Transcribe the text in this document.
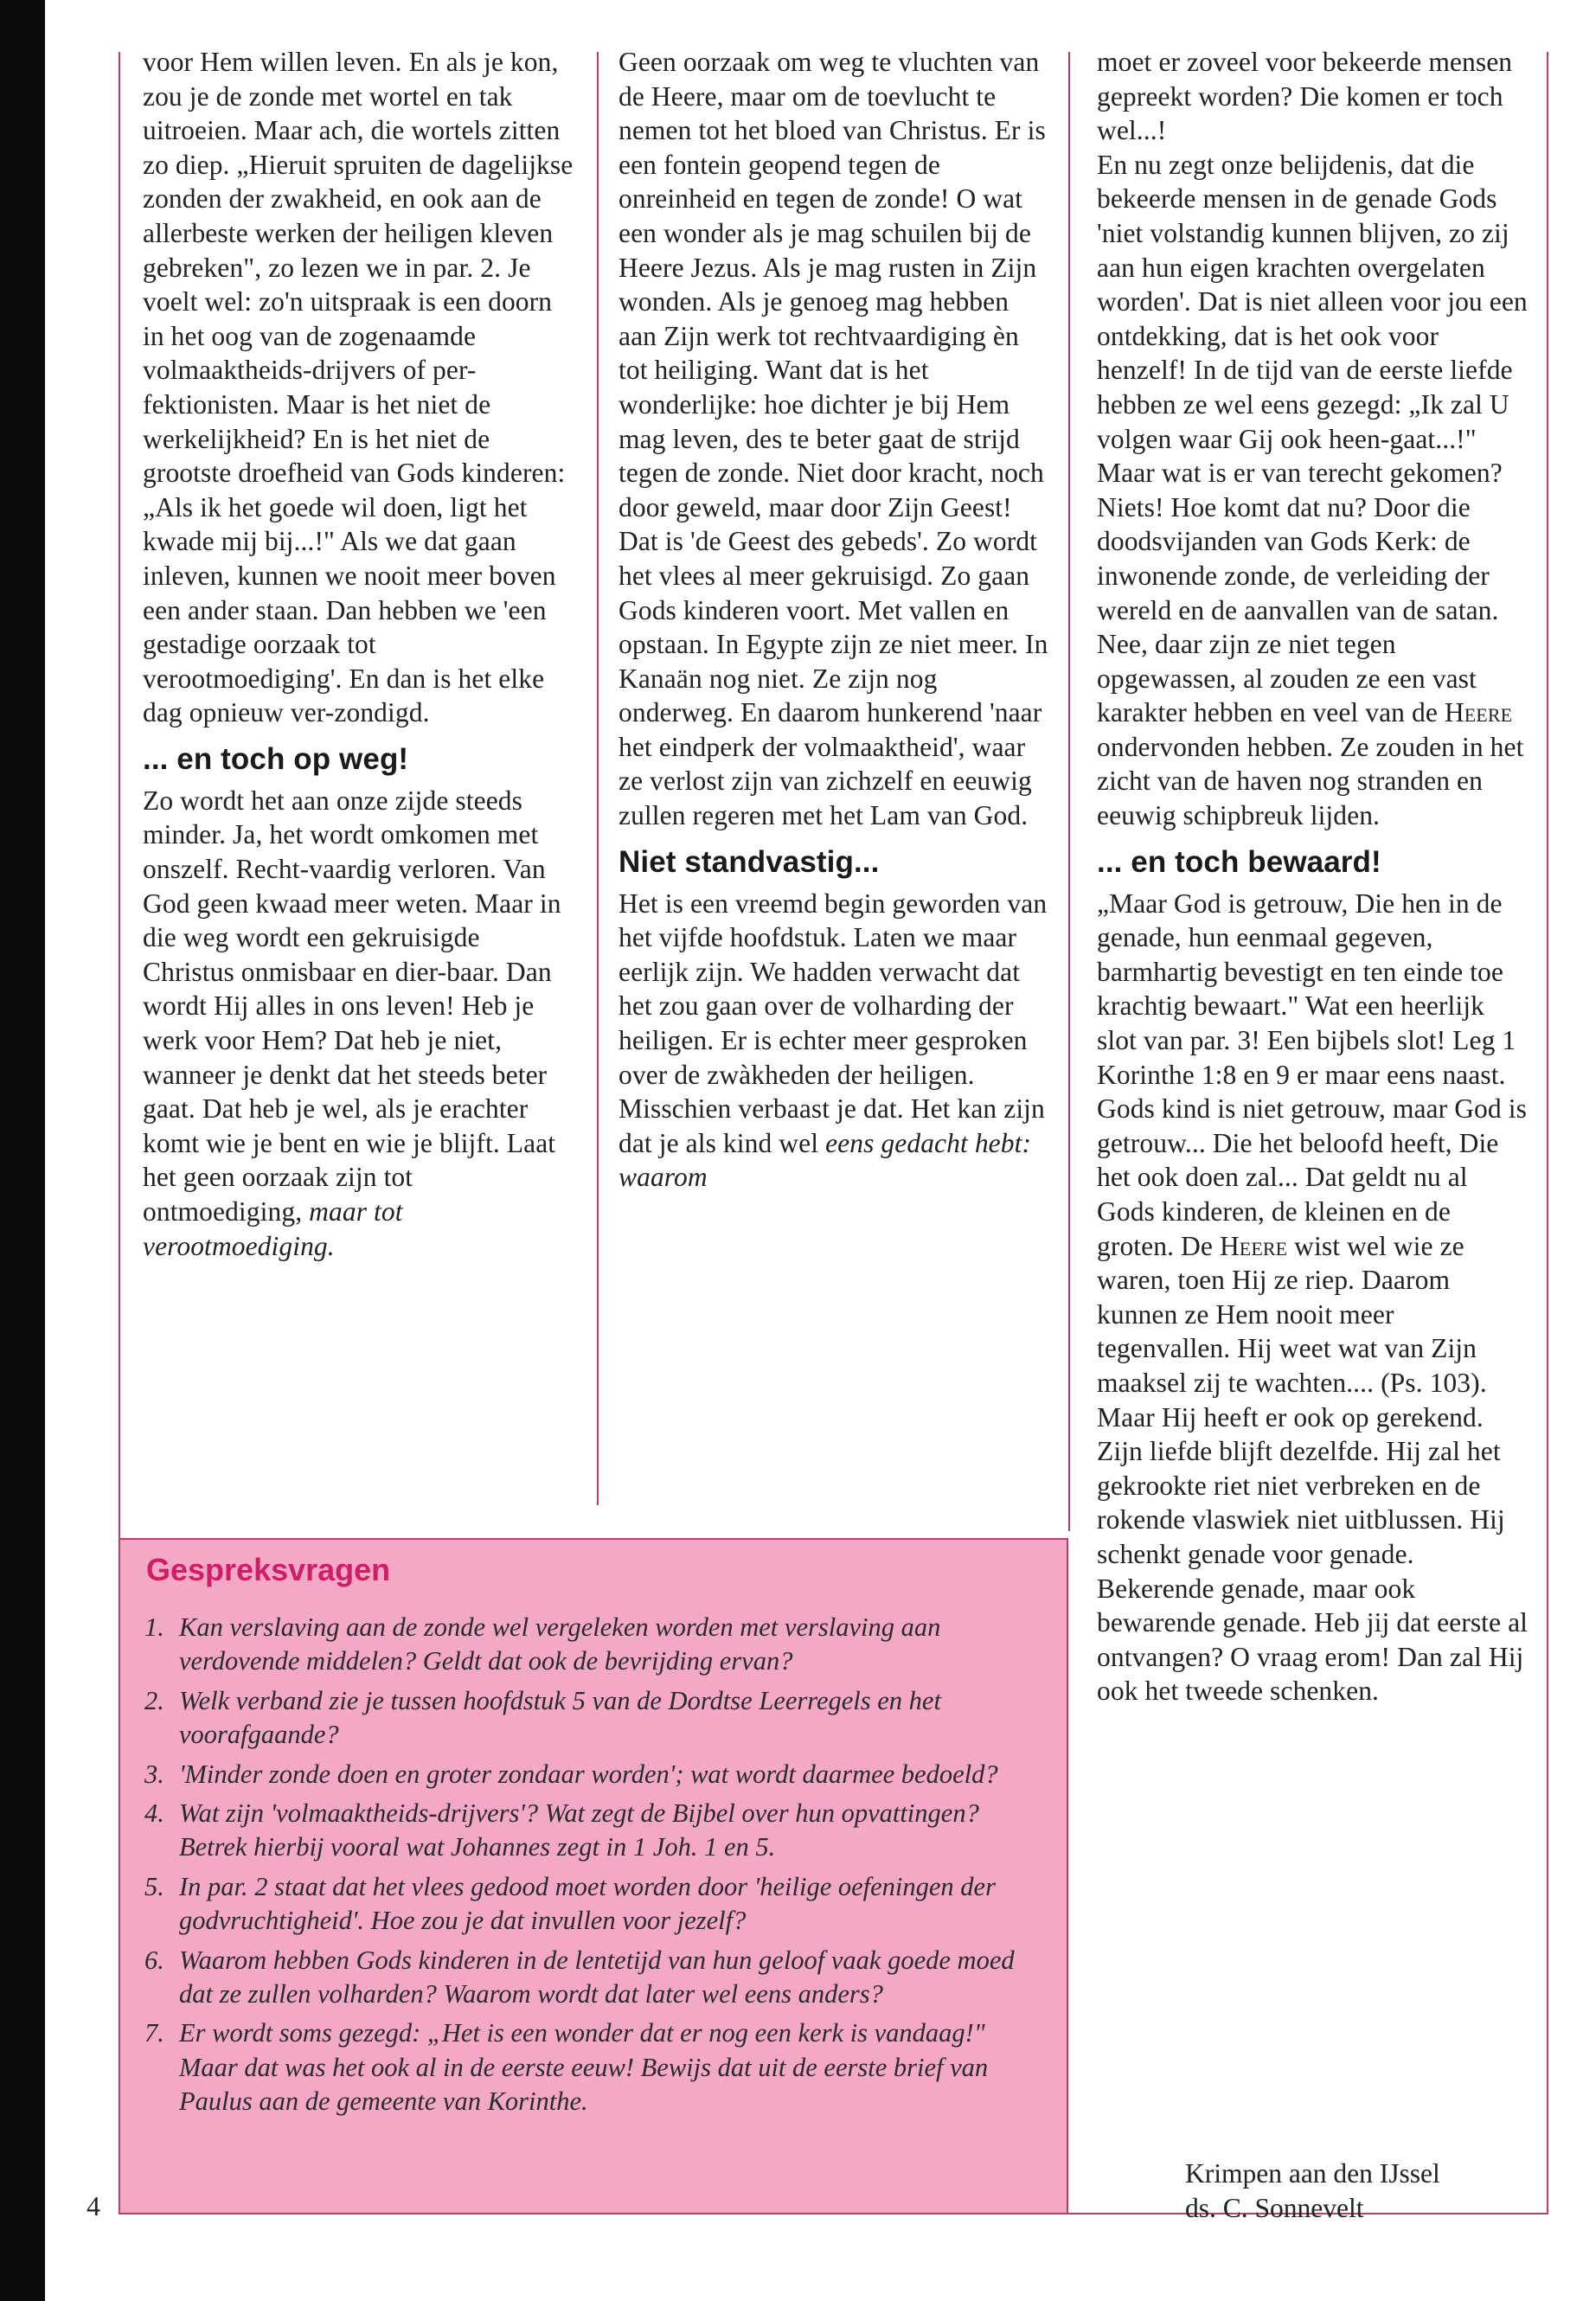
voor Hem willen leven. En als je kon, zou je de zonde met wortel en tak uitroeien. Maar ach, die wortels zitten zo diep. „Hieruit spruiten de dagelijkse zonden der zwakheid, en ook aan de allerbeste werken der heiligen kleven gebreken", zo lezen we in par. 2. Je voelt wel: zo'n uitspraak is een doorn in het oog van de zogenaamde volmaaktheids-drijvers of per-fektionisten. Maar is het niet de werkelijkheid? En is het niet de grootste droefheid van Gods kinderen: „Als ik het goede wil doen, ligt het kwade mij bij...!" Als we dat gaan inleven, kunnen we nooit meer boven een ander staan. Dan hebben we 'een gestadige oorzaak tot verootmoediging'. En dan is het elke dag opnieuw ver-zondigd.

... en toch op weg!

Zo wordt het aan onze zijde steeds minder. Ja, het wordt omkomen met onszelf. Recht-vaardig verloren. Van God geen kwaad meer weten. Maar in die weg wordt een gekruisigde Christus onmisbaar en dier-baar. Dan wordt Hij alles in ons leven! Heb je werk voor Hem? Dat heb je niet, wanneer je denkt dat het steeds beter gaat. Dat heb je wel, als je erachter komt wie je bent en wie je blijft. Laat het geen oorzaak zijn tot ontmoediging, maar tot verootmoediging.

Geen oorzaak om weg te vluchten van de Heere, maar om de toevlucht te nemen tot het bloed van Christus. Er is een fontein geopend tegen de onreinheid en tegen de zonde! O wat een wonder als je mag schuilen bij de Heere Jezus. Als je mag rusten in Zijn wonden. Als je genoeg mag hebben aan Zijn werk tot rechtvaardiging èn tot heiliging. Want dat is het wonderlijke: hoe dichter je bij Hem mag leven, des te beter gaat de strijd tegen de zonde. Niet door kracht, noch door geweld, maar door Zijn Geest! Dat is 'de Geest des gebeds'. Zo wordt het vlees al meer gekruisigd. Zo gaan Gods kinderen voort. Met vallen en opstaan. In Egypte zijn ze niet meer. In Kanaän nog niet. Ze zijn nog onderweg. En daarom hunkerend 'naar het eindperk der volmaaktheid', waar ze verlost zijn van zichzelf en eeuwig zullen regeren met het Lam van God.

Niet standvastig...

Het is een vreemd begin geworden van het vijfde hoofdstuk. Laten we maar eerlijk zijn. We hadden verwacht dat het zou gaan over de volharding der heiligen. Er is echter meer gesproken over de zwàkheden der heiligen. Misschien verbaast je dat. Het kan zijn dat je als kind wel eens gedacht hebt: waarom

moet er zoveel voor bekeerde mensen gepreekt worden? Die komen er toch wel...!

En nu zegt onze belijdenis, dat die bekeerde mensen in de genade Gods 'niet volstandig kunnen blijven, zo zij aan hun eigen krachten overgelaten worden'. Dat is niet alleen voor jou een ontdekking, dat is het ook voor henzelf! In de tijd van de eerste liefde hebben ze wel eens gezegd: „Ik zal U volgen waar Gij ook heen-gaat...!" Maar wat is er van terecht gekomen? Niets! Hoe komt dat nu? Door die doodsvijanden van Gods Kerk: de inwonende zonde, de verleiding der wereld en de aanvallen van de satan.

Nee, daar zijn ze niet tegen opgewassen, al zouden ze een vast karakter hebben en veel van de Heere ondervonden hebben. Ze zouden in het zicht van de haven nog stranden en eeuwig schipbreuk lijden.

... en toch bewaard!

„Maar God is getrouw, Die hen in de genade, hun eenmaal gegeven, barmhartig bevestigt en ten einde toe krachtig bewaart." Wat een heerlijk slot van par. 3! Een bijbels slot! Leg 1 Korinthe 1:8 en 9 er maar eens naast. Gods kind is niet getrouw, maar God is getrouw... Die het beloofd heeft, Die het ook doen zal... Dat geldt nu al Gods kinderen, de kleinen en de groten. De Heere wist wel wie ze waren, toen Hij ze riep. Daarom kunnen ze Hem nooit meer tegenvallen. Hij weet wat van Zijn maaksel zij te wachten.... (Ps. 103). Maar Hij heeft er ook op gerekend. Zijn liefde blijft dezelfde. Hij zal het gekrookte riet niet verbreken en de rokende vlaswiek niet uitblussen. Hij schenkt genade voor genade. Bekerende genade, maar ook bewarende genade. Heb jij dat eerste al ontvangen? O vraag erom! Dan zal Hij ook het tweede schenken.

Gespreksvragen
1. Kan verslaving aan de zonde wel vergeleken worden met verslaving aan verdovende middelen? Geldt dat ook de bevrijding ervan?
2. Welk verband zie je tussen hoofdstuk 5 van de Dordtse Leerregels en het voorafgaande?
3. 'Minder zonde doen en groter zondaar worden'; wat wordt daarmee bedoeld?
4. Wat zijn 'volmaaktheids-drijvers'? Wat zegt de Bijbel over hun opvattingen? Betrek hierbij vooral wat Johannes zegt in 1 Joh. 1 en 5.
5. In par. 2 staat dat het vlees gedood moet worden door 'heilige oefeningen der godvruchtigheid'. Hoe zou je dat invullen voor jezelf?
6. Waarom hebben Gods kinderen in de lentetijd van hun geloof vaak goede moed dat ze zullen volharden? Waarom wordt dat later wel eens anders?
7. Er wordt soms gezegd: „Het is een wonder dat er nog een kerk is vandaag!" Maar dat was het ook al in de eerste eeuw! Bewijs dat uit de eerste brief van Paulus aan de gemeente van Korinthe.
4
Krimpen aan den IJssel
ds. C. Sonnevelt
